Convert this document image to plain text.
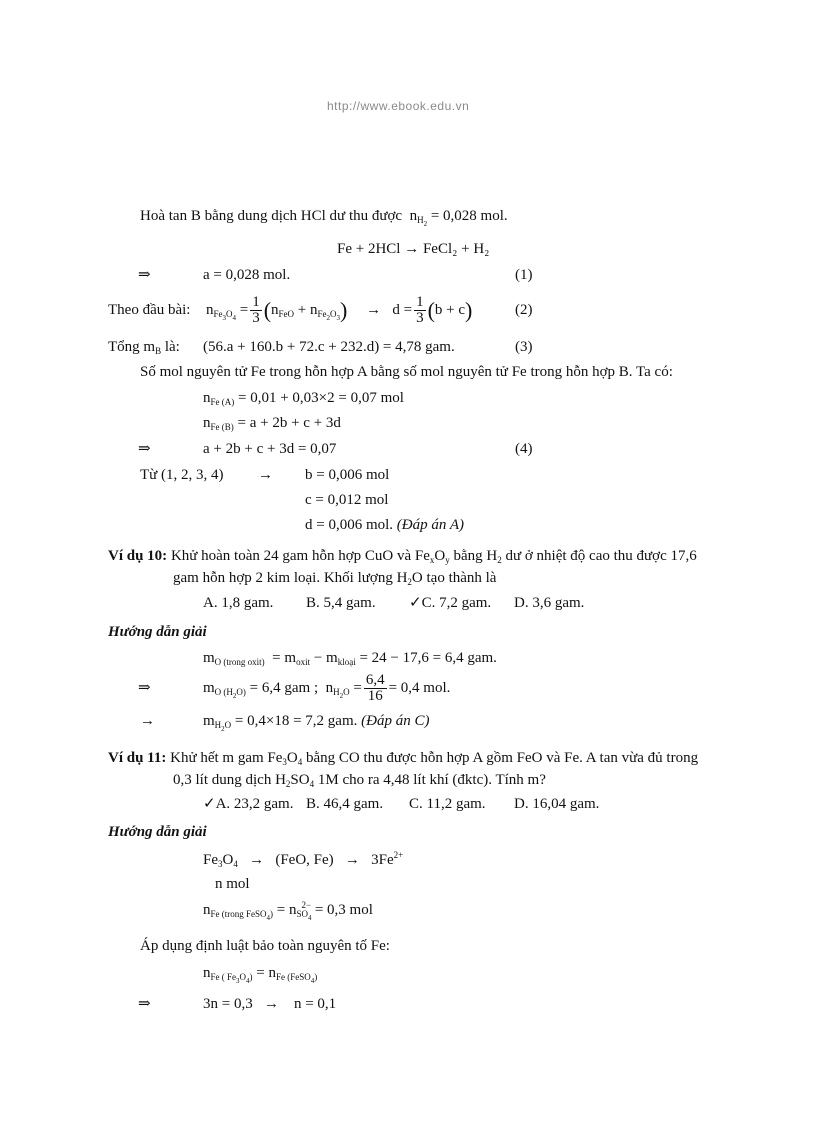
http://www.ebook.edu.vn
Hoà tan B bằng dung dịch HCl dư thu được $n_{H_2} = 0,028$ mol.
Fe + 2HCl → FeCl₂ + H₂
⇒	a = 0,028 mol.	(1)
Theo đầu bài: $n_{Fe_3O_4} = \frac{1}{3} (n_{FeO} + n_{Fe_2O_3})$     →   $d = \frac{1}{3} (b + c)$	(2)
Tổng $m_B$ là: (56.a + 160.b + 72.c + 232.d) = 4,78 gam.	(3)
Số mol nguyên tử Fe trong hỗn hợp A bằng số mol nguyên tử Fe trong hỗn hợp B. Ta có:
$n_{Fe (A)} = 0,01 + 0,03\times 2 = 0,07$ mol
$n_{Fe (B)} = a + 2b + c + 3d$
⇒	a + 2b + c + 3d = 0,07	(4)
Từ (1, 2, 3, 4) → b = 0,006 mol
c = 0,012 mol
d = 0,006 mol. (Đáp án A)
Ví dụ 10: Khử hoàn toàn 24 gam hỗn hợp CuO và $Fe_xO_y$ bằng $H_2$ dư ở nhiệt độ cao thu được 17,6
gam hỗn hợp 2 kim loại. Khối lượng $H_2O$ tạo thành là
A. 1,8 gam. B. 5,4 gam. ✓C. 7,2 gam. D. 3,6 gam.
Hướng dẫn giải
$m_{O (trong oxit)} = m_{oxit} - m_{kloại} = 24 - 17,6 = 6,4$ gam.
⇒	$m_{O (H_2O)} = 6,4$ gam ;  $n_{H_2O} = \frac{6,4}{16} = 0,4$ mol.
→	$m_{H_2O} = 0,4\times 18 = 7,2$ gam. (Đáp án C)
Ví dụ 11: Khử hết m gam $Fe_3O_4$ bằng CO thu được hỗn hợp A gồm FeO và Fe. A tan vừa đủ trong
0,3 lít dung dịch $H_2SO_4$ 1M cho ra 4,48 lít khí (đktc). Tính m?
✓A. 23,2 gam. B. 46,4 gam. C. 11,2 gam. D. 16,04 gam.
Hướng dẫn giải
$Fe_3O_4 \to (FeO$, $Fe) \to 3Fe^{2+}$
n mol
$n_{Fe (trong FeSO_4)} = n_{SO_4}^{2-} = 0,3$ mol
Áp dụng định luật bảo toàn nguyên tố Fe:
$n_{Fe ( Fe_3O_4)} = n_{Fe (FeSO_4)}$
⇒	3n = 0,3   →    n = 0,1
